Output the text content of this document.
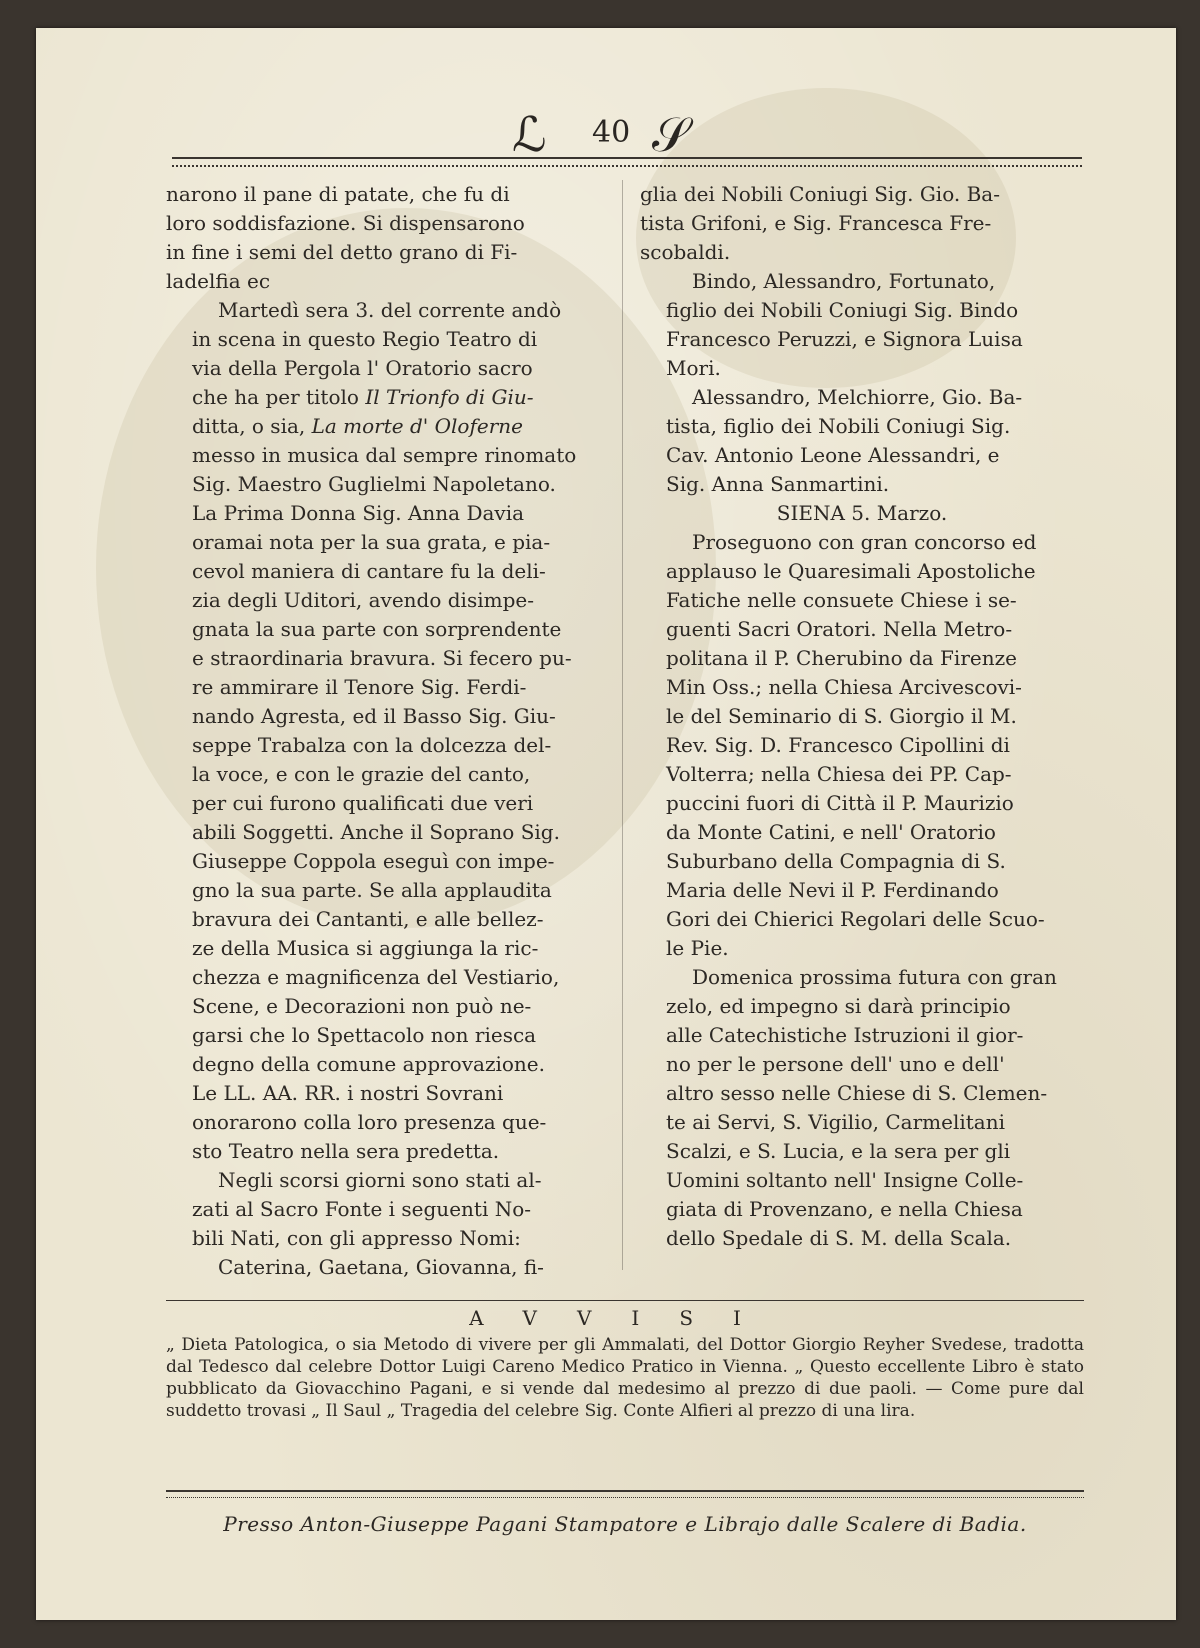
ℒ 40 𝒮
narono il pane di patate, che fu di
loro soddisfazione. Si dispensarono
in fine i semi del detto grano di Fi-
ladelfia ec
Martedì sera 3. del corrente andò
in scena in questo Regio Teatro di
via della Pergola l' Oratorio sacro
che ha per titolo Il Trionfo di Giu-
ditta, o sia, La morte d' Oloferne
messo in musica dal sempre rinomato
Sig. Maestro Guglielmi Napoletano.
La Prima Donna Sig. Anna Davia
oramai nota per la sua grata, e pia-
cevol maniera di cantare fu la deli-
zia degli Uditori, avendo disimpe-
gnata la sua parte con sorprendente
e straordinaria bravura. Si fecero pu-
re ammirare il Tenore Sig. Ferdi-
nando Agresta, ed il Basso Sig. Giu-
seppe Trabalza con la dolcezza del-
la voce, e con le grazie del canto,
per cui furono qualificati due veri
abili Soggetti. Anche il Soprano Sig.
Giuseppe Coppola eseguì con impe-
gno la sua parte. Se alla applaudita
bravura dei Cantanti, e alle bellez-
ze della Musica si aggiunga la ric-
chezza e magnificenza del Vestiario,
Scene, e Decorazioni non può ne-
garsi che lo Spettacolo non riesca
degno della comune approvazione.
Le LL. AA. RR. i nostri Sovrani
onorarono colla loro presenza que-
sto Teatro nella sera predetta.
Negli scorsi giorni sono stati al-
zati al Sacro Fonte i seguenti No-
bili Nati, con gli appresso Nomi:
Caterina, Gaetana, Giovanna, fi-
glia dei Nobili Coniugi Sig. Gio. Ba-
tista Grifoni, e Sig. Francesca Fre-
scobaldi.
Bindo, Alessandro, Fortunato,
figlio dei Nobili Coniugi Sig. Bindo
Francesco Peruzzi, e Signora Luisa
Mori.
Alessandro, Melchiorre, Gio. Ba-
tista, figlio dei Nobili Coniugi Sig.
Cav. Antonio Leone Alessandri, e
Sig. Anna Sanmartini.
SIENA 5. Marzo.
Proseguono con gran concorso ed
applauso le Quaresimali Apostoliche
Fatiche nelle consuete Chiese i se-
guenti Sacri Oratori. Nella Metro-
politana il P. Cherubino da Firenze
Min Oss.; nella Chiesa Arcivescovi-
le del Seminario di S. Giorgio il M.
Rev. Sig. D. Francesco Cipollini di
Volterra; nella Chiesa dei PP. Cap-
puccini fuori di Città il P. Maurizio
da Monte Catini, e nell' Oratorio
Suburbano della Compagnia di S.
Maria delle Nevi il P. Ferdinando
Gori dei Chierici Regolari delle Scuo-
le Pie.
Domenica prossima futura con gran
zelo, ed impegno si darà principio
alle Catechistiche Istruzioni il gior-
no per le persone dell' uno e dell'
altro sesso nelle Chiese di S. Clemen-
te ai Servi, S. Vigilio, Carmelitani
Scalzi, e S. Lucia, e la sera per gli
Uomini soltanto nell' Insigne Colle-
giata di Provenzano, e nella Chiesa
dello Spedale di S. M. della Scala.
AVVISI
„ Dieta Patologica, o sia Metodo di vivere per gli Ammalati, del Dottor Giorgio Reyher Svedese, tradotta dal Tedesco dal celebre Dottor Luigi Careno Medico Pratico in Vienna. „ Questo eccellente Libro è stato pubblicato da Giovacchino Pagani, e si vende dal medesimo al prezzo di due paoli. — Come pure dal suddetto trovasi „ Il Saul „ Tragedia del celebre Sig. Conte Alfieri al prezzo di una lira.
Presso Anton-Giuseppe Pagani Stampatore e Librajo dalle Scalere di Badia.
